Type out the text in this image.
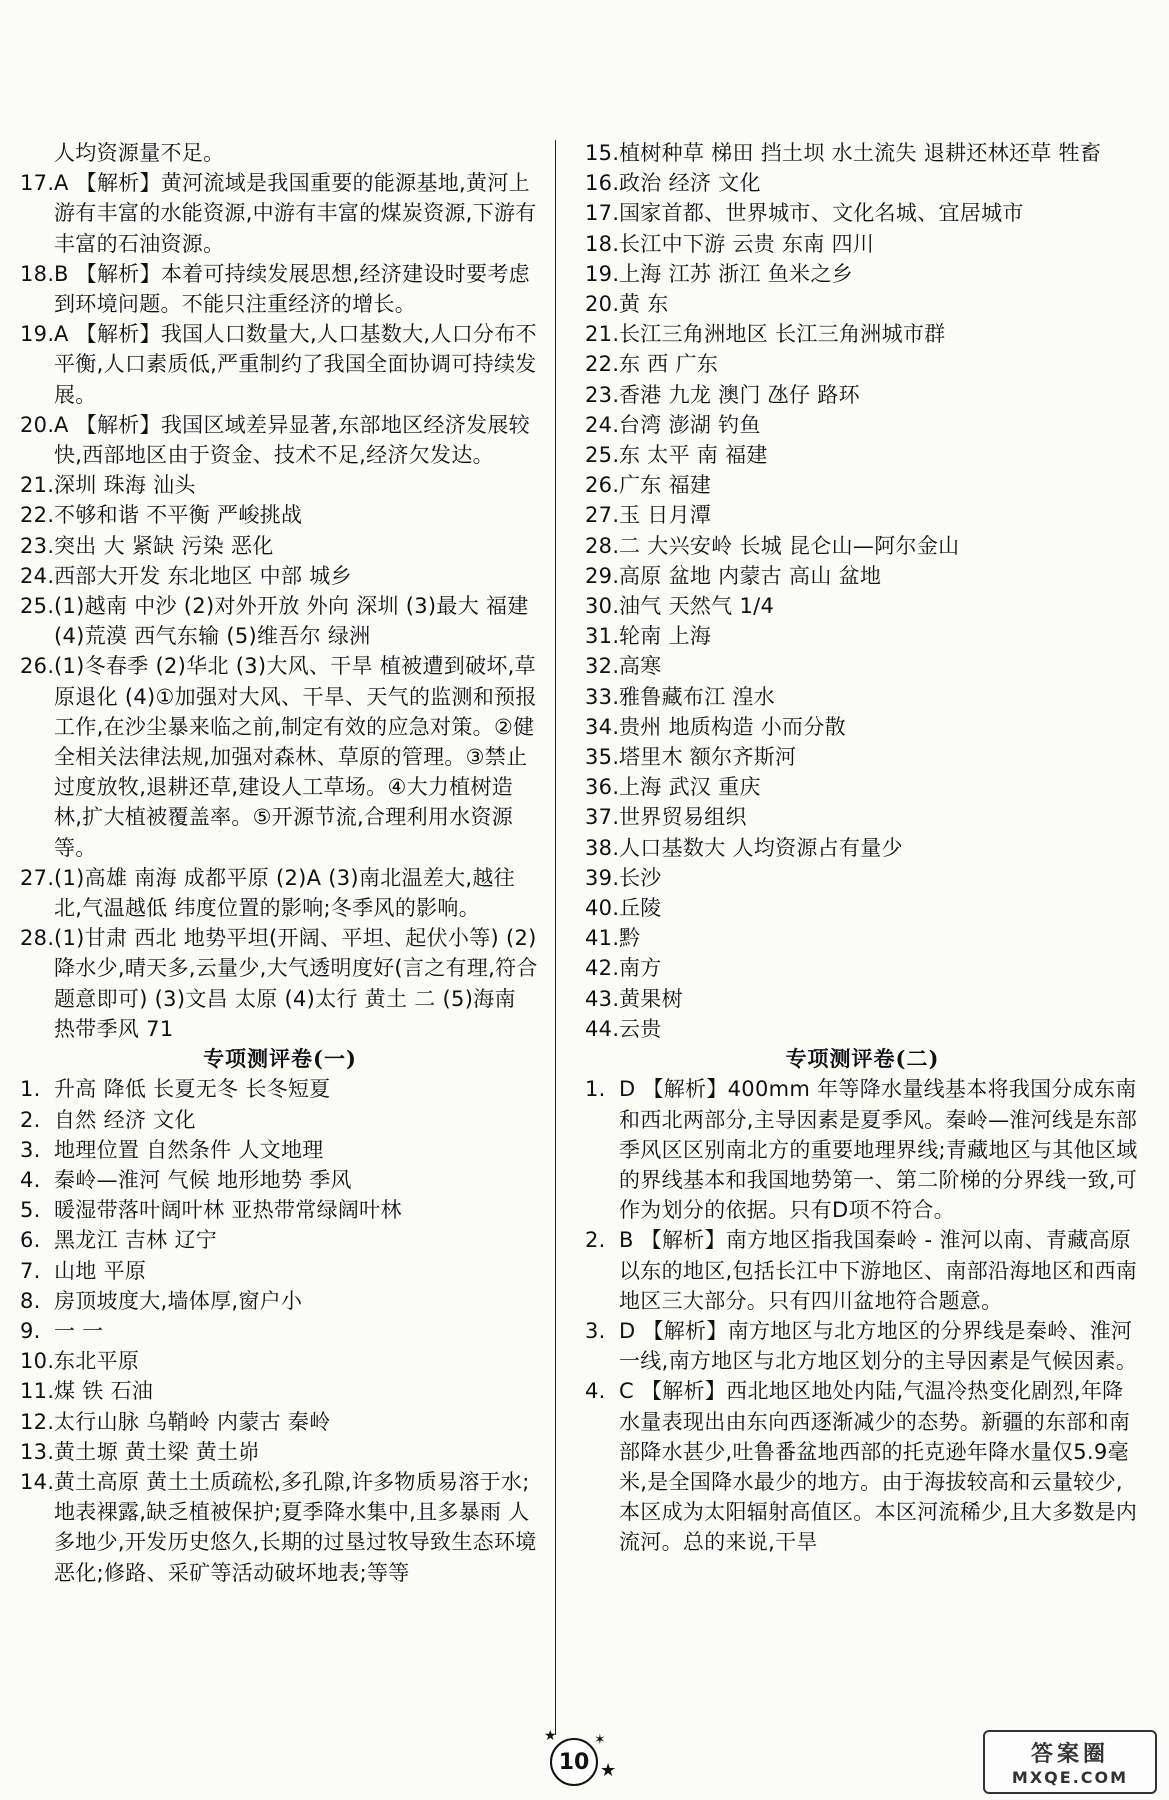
人均资源量不足。
17. A 【解析】黄河流域是我国重要的能源基地,黄河上游有丰富的水能资源,中游有丰富的煤炭资源,下游有丰富的石油资源。
18. B 【解析】本着可持续发展思想,经济建设时要考虑到环境问题。不能只注重经济的增长。
19. A 【解析】我国人口数量大,人口基数大,人口分布不平衡,人口素质低,严重制约了我国全面协调可持续发展。
20. A 【解析】我国区域差异显著,东部地区经济发展较快,西部地区由于资金、技术不足,经济欠发达。
21. 深圳 珠海 汕头
22. 不够和谐 不平衡 严峻挑战
23. 突出 大 紧缺 污染 恶化
24. 西部大开发 东北地区 中部 城乡
25. (1)越南 中沙 (2)对外开放 外向 深圳 (3)最大 福建 (4)荒漠 西气东输 (5)维吾尔 绿洲
26. (1)冬春季 (2)华北 (3)大风、干旱 植被遭到破坏,草原退化 (4)①加强对大风、干旱、天气的监测和预报工作,在沙尘暴来临之前,制定有效的应急对策。②健全相关法律法规,加强对森林、草原的管理。③禁止过度放牧,退耕还草,建设人工草场。④大力植树造林,扩大植被覆盖率。⑤开源节流,合理利用水资源等。
27. (1)高雄 南海 成都平原 (2)A (3)南北温差大,越往北,气温越低 纬度位置的影响;冬季风的影响。
28. (1)甘肃 西北 地势平坦(开阔、平坦、起伏小等) (2)降水少,晴天多,云量少,大气透明度好(言之有理,符合题意即可) (3)文昌 太原 (4)太行 黄土 二 (5)海南 热带季风 71
专项测评卷(一)
1. 升高 降低 长夏无冬 长冬短夏
2. 自然 经济 文化
3. 地理位置 自然条件 人文地理
4. 秦岭—淮河 气候 地形地势 季风
5. 暖湿带落叶阔叶林 亚热带常绿阔叶林
6. 黑龙江 吉林 辽宁
7. 山地 平原
8. 房顶坡度大,墙体厚,窗户小
9. 一 一
10. 东北平原
11. 煤 铁 石油
12. 太行山脉 乌鞘岭 内蒙古 秦岭
13. 黄土塬 黄土梁 黄土峁
14. 黄土高原 黄土土质疏松,多孔隙,许多物质易溶于水;地表裸露,缺乏植被保护;夏季降水集中,且多暴雨 人多地少,开发历史悠久,长期的过垦过牧导致生态环境恶化;修路、采矿等活动破坏地表;等等
15. 植树种草 梯田 挡土坝 水土流失 退耕还林还草 牲畜
16. 政治 经济 文化
17. 国家首都、世界城市、文化名城、宜居城市
18. 长江中下游 云贵 东南 四川
19. 上海 江苏 浙江 鱼米之乡
20. 黄 东
21. 长江三角洲地区 长江三角洲城市群
22. 东 西 广东
23. 香港 九龙 澳门 氹仔 路环
24. 台湾 澎湖 钓鱼
25. 东 太平 南 福建
26. 广东 福建
27. 玉 日月潭
28. 二 大兴安岭 长城 昆仑山—阿尔金山
29. 高原 盆地 内蒙古 高山 盆地
30. 油气 天然气 1/4
31. 轮南 上海
32. 高寒
33. 雅鲁藏布江 湟水
34. 贵州 地质构造 小而分散
35. 塔里木 额尔齐斯河
36. 上海 武汉 重庆
37. 世界贸易组织
38. 人口基数大 人均资源占有量少
39. 长沙
40. 丘陵
41. 黔
42. 南方
43. 黄果树
44. 云贵
专项测评卷(二)
1. D 【解析】400mm 年等降水量线基本将我国分成东南和西北两部分,主导因素是夏季风。秦岭—淮河线是东部季风区区别南北方的重要地理界线;青藏地区与其他区域的界线基本和我国地势第一、第二阶梯的分界线一致,可作为划分的依据。只有D项不符合。
2. B 【解析】南方地区指我国秦岭 - 淮河以南、青藏高原以东的地区,包括长江中下游地区、南部沿海地区和西南地区三大部分。只有四川盆地符合题意。
3. D 【解析】南方地区与北方地区的分界线是秦岭、淮河一线,南方地区与北方地区划分的主导因素是气候因素。
4. C 【解析】西北地区地处内陆,气温冷热变化剧烈,年降水量表现出由东向西逐渐减少的态势。新疆的东部和南部降水甚少,吐鲁番盆地西部的托克逊年降水量仅5.9毫米,是全国降水最少的地方。由于海拔较高和云量较少,本区成为太阳辐射高值区。本区河流稀少,且大多数是内流河。总的来说,干旱
★	✶
★
10	答案圈
MXQE.COM
